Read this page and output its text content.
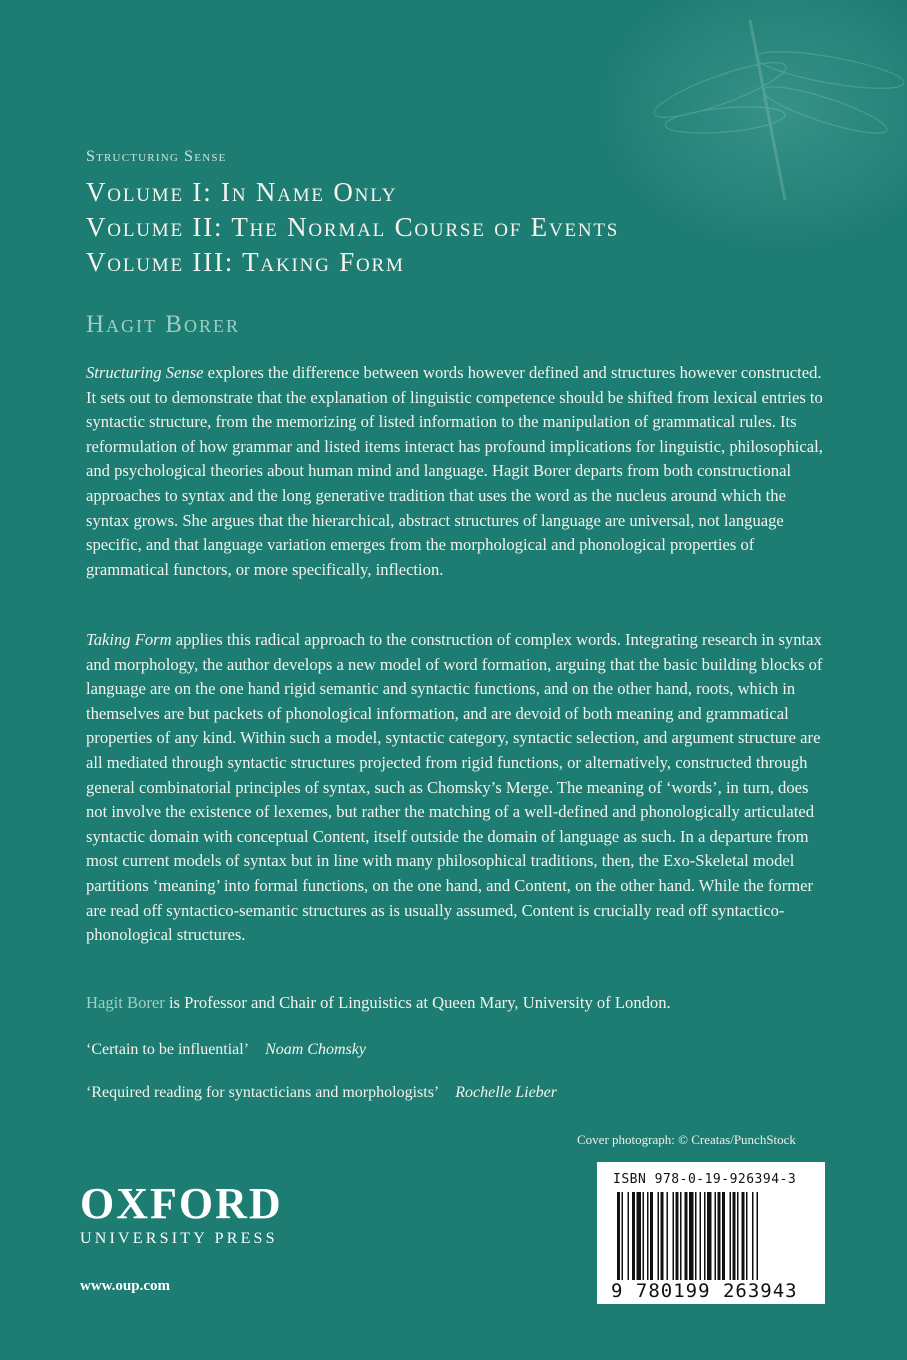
Structuring Sense
Volume I: In Name Only
Volume II: The Normal Course of Events
Volume III: Taking Form
Hagit Borer
Structuring Sense explores the difference between words however defined and structures however constructed. It sets out to demonstrate that the explanation of linguistic competence should be shifted from lexical entries to syntactic structure, from the memorizing of listed information to the manipulation of grammatical rules. Its reformulation of how grammar and listed items interact has profound implications for linguistic, philosophical, and psychological theories about human mind and language. Hagit Borer departs from both constructional approaches to syntax and the long generative tradition that uses the word as the nucleus around which the syntax grows. She argues that the hierarchical, abstract structures of language are universal, not language specific, and that language variation emerges from the morphological and phonological properties of grammatical functors, or more specifically, inflection.
Taking Form applies this radical approach to the construction of complex words. Integrating research in syntax and morphology, the author develops a new model of word formation, arguing that the basic building blocks of language are on the one hand rigid semantic and syntactic functions, and on the other hand, roots, which in themselves are but packets of phonological information, and are devoid of both meaning and grammatical properties of any kind. Within such a model, syntactic category, syntactic selection, and argument structure are all mediated through syntactic structures projected from rigid functions, or alternatively, constructed through general combinatorial principles of syntax, such as Chomsky’s Merge. The meaning of ‘words’, in turn, does not involve the existence of lexemes, but rather the matching of a well-defined and phonologically articulated syntactic domain with conceptual Content, itself outside the domain of language as such. In a departure from most current models of syntax but in line with many philosophical traditions, then, the Exo-Skeletal model partitions ‘meaning’ into formal functions, on the one hand, and Content, on the other hand. While the former are read off syntactico-semantic structures as is usually assumed, Content is crucially read off syntactico-phonological structures.
Hagit Borer is Professor and Chair of Linguistics at Queen Mary, University of London.
‘Certain to be influential’ Noam Chomsky
‘Required reading for syntacticians and morphologists’ Rochelle Lieber
Cover photograph: © Creatas/PunchStock
OXFORD
UNIVERSITY PRESS
www.oup.com
ISBN 978-0-19-926394-3
9 780199 263943
